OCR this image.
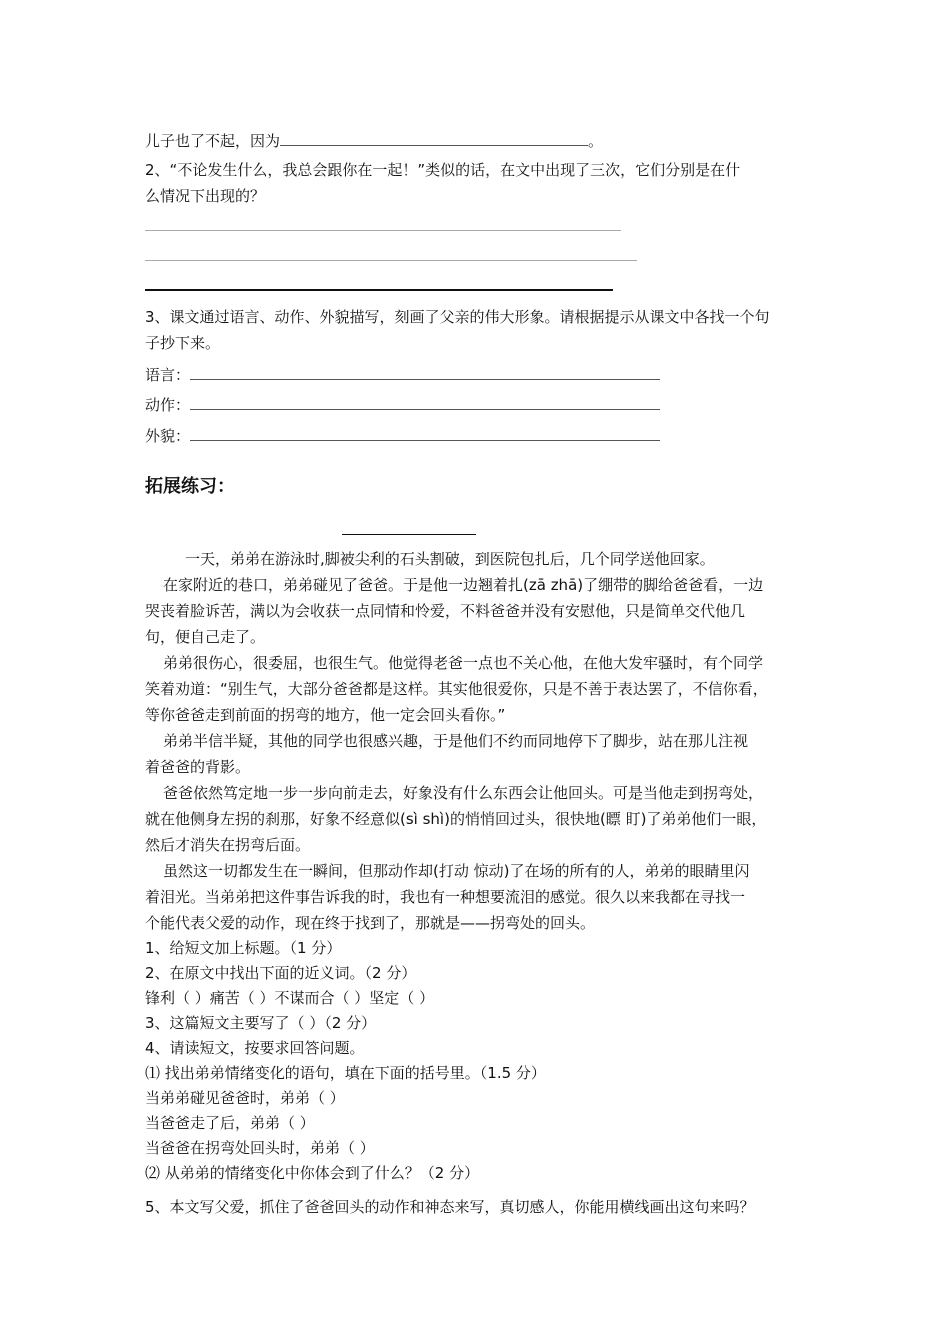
儿子也了不起，因为	。
2、“不论发生什么，我总会跟你在一起！”类似的话，在文中出现了三次，它们分别是在什
么情况下出现的？
3、课文通过语言、动作、外貌描写，刻画了父亲的伟大形象。请根据提示从课文中各找一个句
子抄下来。
语言：
动作：
外貌：
拓展练习：

一天，弟弟在游泳时,脚被尖利的石头割破，到医院包扎后，几个同学送他回家。

在家附近的巷口，弟弟碰见了爸爸。于是他一边翘着扎(zā zhā)了绷带的脚给爸爸看，一边

哭丧着脸诉苦，满以为会收获一点同情和怜爱，不料爸爸并没有安慰他，只是简单交代他几

句，便自己走了。

弟弟很伤心，很委屈，也很生气。他觉得老爸一点也不关心他，在他大发牢骚时，有个同学

笑着劝道：“别生气，大部分爸爸都是这样。其实他很爱你，只是不善于表达罢了，不信你看，

等你爸爸走到前面的拐弯的地方，他一定会回头看你。”

弟弟半信半疑，其他的同学也很感兴趣，于是他们不约而同地停下了脚步，站在那儿注视

着爸爸的背影。

爸爸依然笃定地一步一步向前走去，好象没有什么东西会让他回头。可是当他走到拐弯处，

就在他侧身左拐的刹那，好象不经意似(sì shì)的悄悄回过头，很快地(瞟 盯)了弟弟他们一眼，

然后才消失在拐弯后面。

虽然这一切都发生在一瞬间，但那动作却(打动 惊动)了在场的所有的人，弟弟的眼睛里闪

着泪光。当弟弟把这件事告诉我的时，我也有一种想要流泪的感觉。很久以来我都在寻找一

个能代表父爱的动作，现在终于找到了，那就是——拐弯处的回头。

1、给短文加上标题。（1 分）

2、在原文中找出下面的近义词。（2 分）

锋利（ ）痛苦（ ）不谋而合（ ）坚定（ ）

3、这篇短文主要写了（ ）（2 分）

4、请读短文，按要求回答问题。

⑴ 找出弟弟情绪变化的语句，填在下面的括号里。（1.5 分）

当弟弟碰见爸爸时，弟弟（ ）

当爸爸走了后，弟弟（ ）

当爸爸在拐弯处回头时，弟弟（ ）

⑵ 从弟弟的情绪变化中你体会到了什么？（2 分）

5、本文写父爱，抓住了爸爸回头的动作和神态来写，真切感人，你能用横线画出这句来吗？
